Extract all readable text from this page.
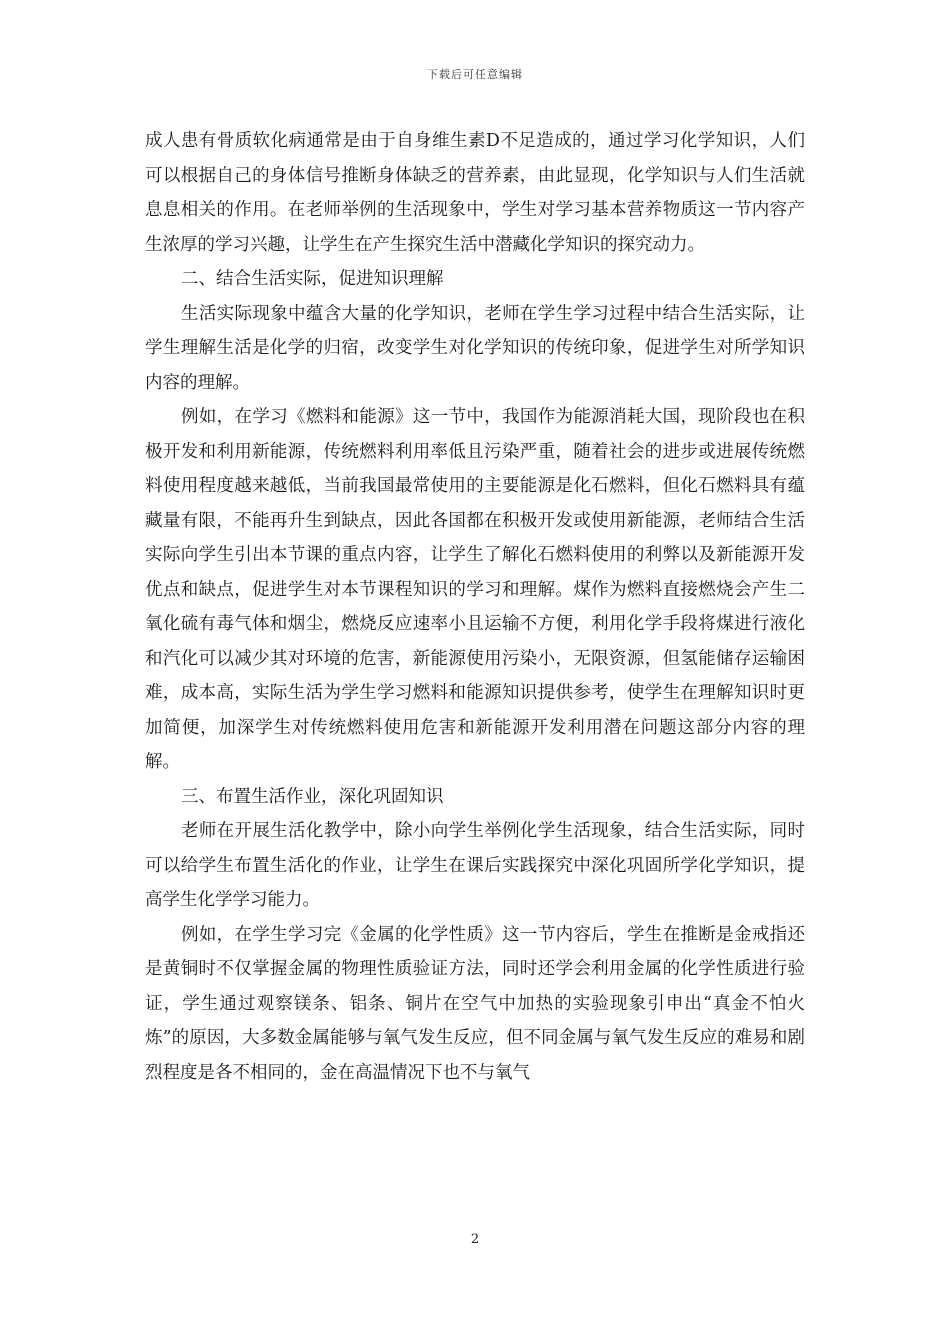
下载后可任意编辑

成人患有骨质软化病通常是由于自身维生素D不足造成的，通过学习化学知识，人们可以根据自己的身体信号推断身体缺乏的营养素，由此显现，化学知识与人们生活就息息相关的作用。在老师举例的生活现象中，学生对学习基本营养物质这一节内容产生浓厚的学习兴趣，让学生在产生探究生活中潜藏化学知识的探究动力。

二、结合生活实际，促进知识理解

生活实际现象中蕴含大量的化学知识，老师在学生学习过程中结合生活实际，让学生理解生活是化学的归宿，改变学生对化学知识的传统印象，促进学生对所学知识内容的理解。

例如，在学习《燃料和能源》这一节中，我国作为能源消耗大国，现阶段也在积极开发和利用新能源，传统燃料利用率低且污染严重，随着社会的进步或进展传统燃料使用程度越来越低，当前我国最常使用的主要能源是化石燃料，但化石燃料具有蕴藏量有限，不能再升生到缺点，因此各国都在积极开发或使用新能源，老师结合生活实际向学生引出本节课的重点内容，让学生了解化石燃料使用的利弊以及新能源开发优点和缺点，促进学生对本节课程知识的学习和理解。煤作为燃料直接燃烧会产生二氧化硫有毒气体和烟尘，燃烧反应速率小且运输不方便，利用化学手段将煤进行液化和汽化可以减少其对环境的危害，新能源使用污染小，无限资源，但氢能储存运输困难，成本高，实际生活为学生学习燃料和能源知识提供参考，使学生在理解知识时更加简便，加深学生对传统燃料使用危害和新能源开发利用潜在问题这部分内容的理解。

三、布置生活作业，深化巩固知识

老师在开展生活化教学中，除小向学生举例化学生活现象，结合生活实际，同时可以给学生布置生活化的作业，让学生在课后实践探究中深化巩固所学化学知识，提高学生化学学习能力。

例如，在学生学习完《金属的化学性质》这一节内容后，学生在推断是金戒指还是黄铜时不仅掌握金属的物理性质验证方法，同时还学会利用金属的化学性质进行验证，学生通过观察镁条、铝条、铜片在空气中加热的实验现象引申出“真金不怕火炼”的原因，大多数金属能够与氧气发生反应，但不同金属与氧气发生反应的难易和剧烈程度是各不相同的，金在高温情况下也不与氧气

2
